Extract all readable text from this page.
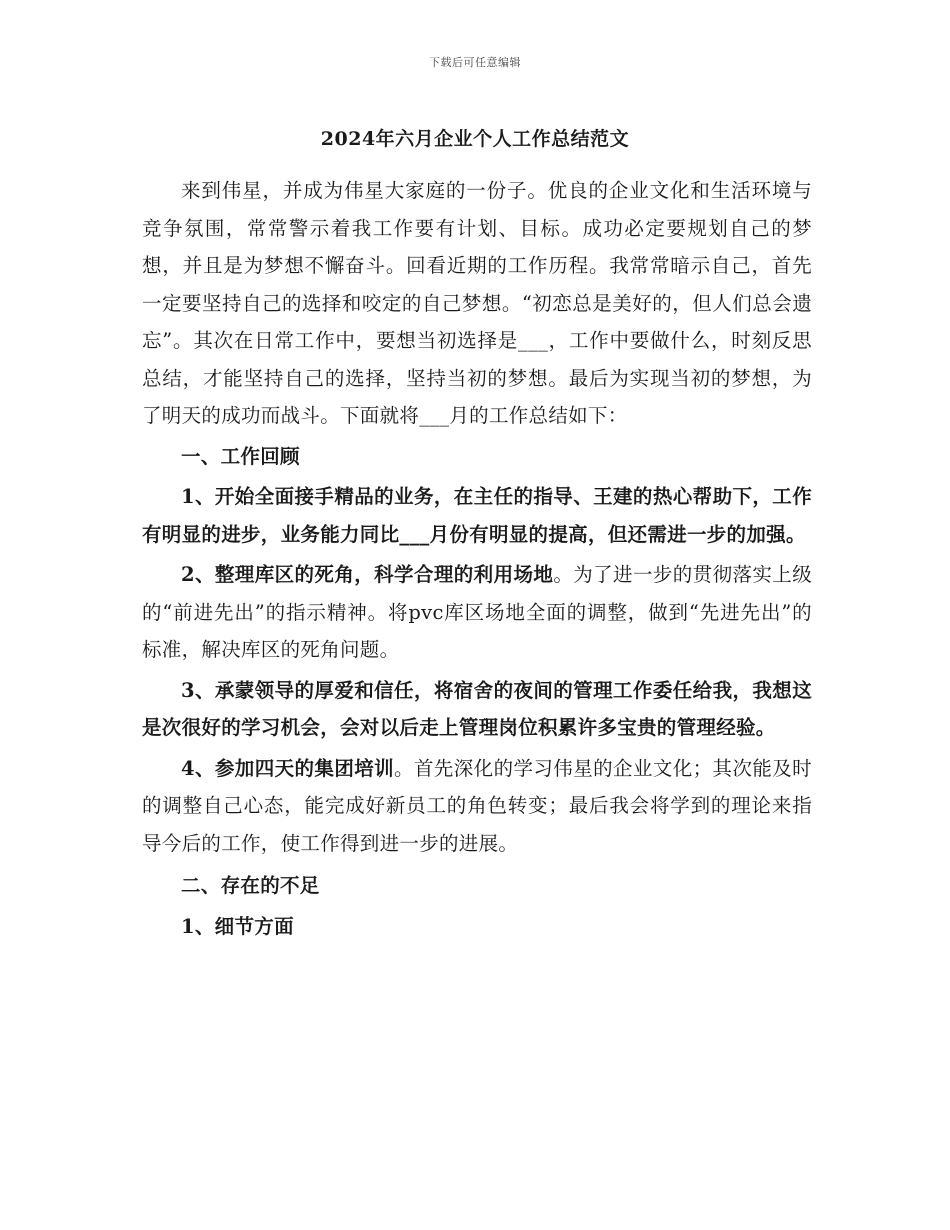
下载后可任意编辑
2024年六月企业个人工作总结范文

来到伟星，并成为伟星大家庭的一份子。优良的企业文化和生活环境与竞争氛围，常常警示着我工作要有计划、目标。成功必定要规划自己的梦想，并且是为梦想不懈奋斗。回看近期的工作历程。我常常暗示自己，首先一定要坚持自己的选择和咬定的自己梦想。“初恋总是美好的，但人们总会遗忘”。其次在日常工作中，要想当初选择是___，工作中要做什么，时刻反思总结，才能坚持自己的选择，坚持当初的梦想。最后为实现当初的梦想，为了明天的成功而战斗。下面就将___月的工作总结如下：

一、工作回顾

1、开始全面接手精品的业务，在主任的指导、王建的热心帮助下，工作有明显的进步，业务能力同比___月份有明显的提高，但还需进一步的加强。

2、整理库区的死角，科学合理的利用场地。为了进一步的贯彻落实上级的“前进先出”的指示精神。将pvc库区场地全面的调整，做到“先进先出”的标准，解决库区的死角问题。

3、承蒙领导的厚爱和信任，将宿舍的夜间的管理工作委任给我，我想这是次很好的学习机会，会对以后走上管理岗位积累许多宝贵的管理经验。

4、参加四天的集团培训。首先深化的学习伟星的企业文化；其次能及时的调整自己心态，能完成好新员工的角色转变；最后我会将学到的理论来指导今后的工作，使工作得到进一步的进展。

二、存在的不足

1、细节方面
